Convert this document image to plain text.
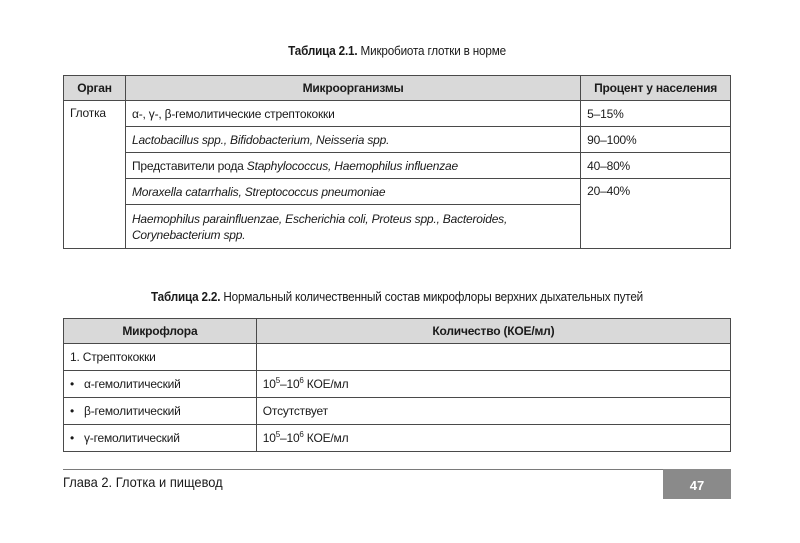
Таблица 2.1. Микробиота глотки в норме
Орган	Микроорганизмы	Процент у населения
Глотка	α-, γ-, β-гемолитические стрептококки	5–15%
	Lactobacillus spp., Bifidobacterium, Neisseria spp.	90–100%
	Представители рода Staphylococcus, Haemophilus influenzae	40–80%
	Moraxella catarrhalis, Streptococcus pneumoniae	20–40%
	Haemophilus parainfluenzae, Escherichia coli, Proteus spp., Bacteroides,
Corynebacterium spp.	
Таблица 2.2. Нормальный количественный состав микрофлоры верхних дыхательных путей
Микрофлора	Количество (КОЕ/мл)
1. Стрептококки	
• α-гемолитический	$10^5-10^6$ КОЕ/мл
• β-гемолитический	Отсутствует
• γ-гемолитический	$10^5-10^6$ КОЕ/мл
Глава 2. Глотка и пищевод	47
